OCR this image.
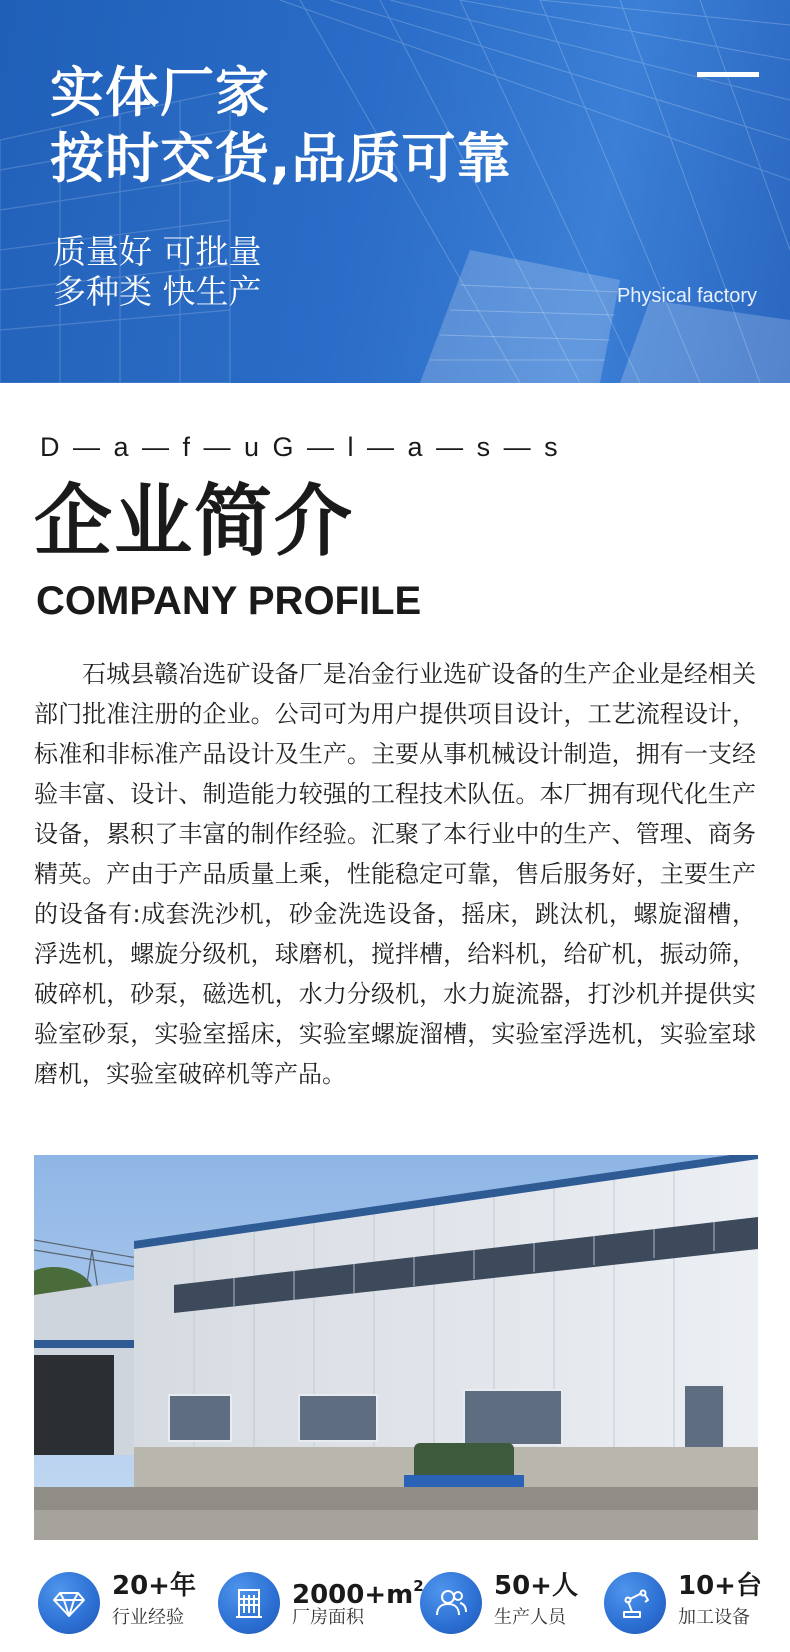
实体厂家
按时交货,品质可靠
质量好 可批量
多种类 快生产	Physical factory
D — a — f — u G — l — a — s — s
企业简介
COMPANY PROFILE

石城县赣冶选矿设备厂是冶金行业选矿设备的生产企业是经相关部门批准注册的企业。公司可为用户提供项目设计，工艺流程设计，标准和非标准产品设计及生产。主要从事机械设计制造，拥有一支经验丰富、设计、制造能力较强的工程技术队伍。本厂拥有现代化生产设备，累积了丰富的制作经验。汇聚了本行业中的生产、管理、商务精英。产由于产品质量上乘，性能稳定可靠，售后服务好，主要生产的设备有:成套洗沙机，砂金洗选设备，摇床，跳汰机，螺旋溜槽，浮选机，螺旋分级机，球磨机，搅拌槽，给料机，给矿机，振动筛，破碎机，砂泵，磁选机，水力分级机，水力旋流器，打沙机并提供实验室砂泵，实验室摇床，实验室螺旋溜槽，实验室浮选机，实验室球磨机，实验室破碎机等产品。

20+年
行业经验
$2000+m^2$
厂房面积
50+人
生产人员
10+台
加工设备
